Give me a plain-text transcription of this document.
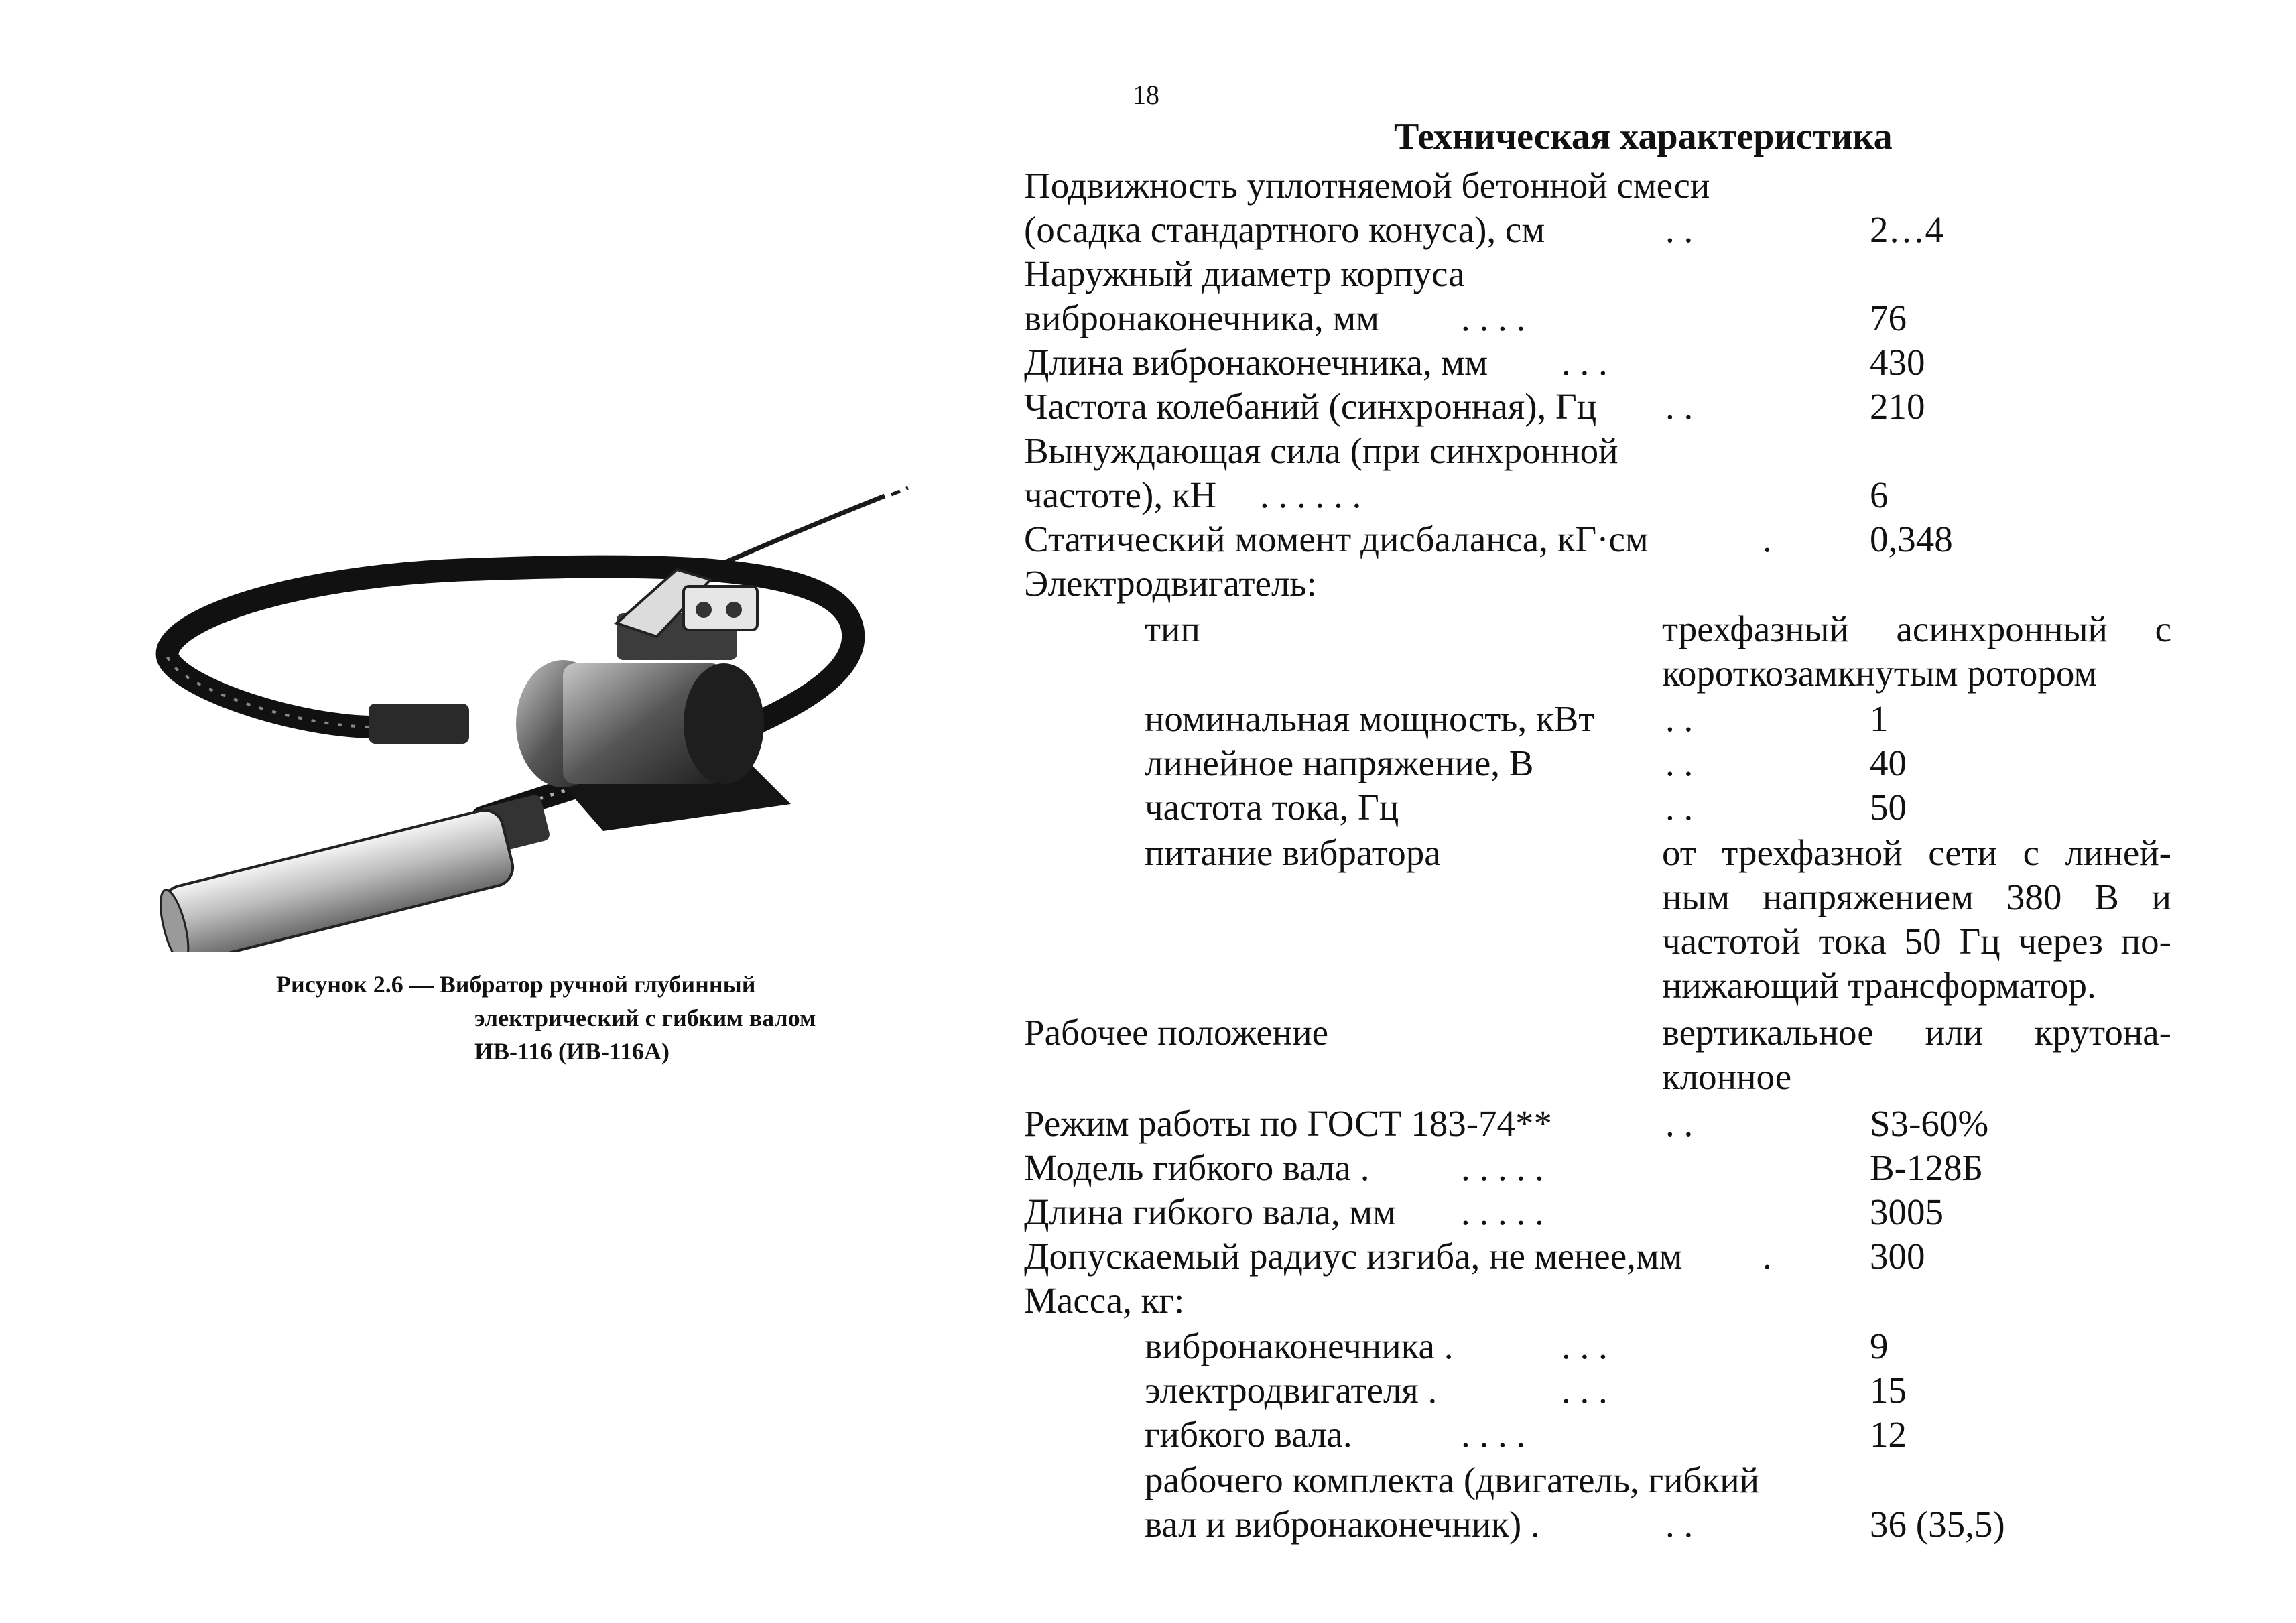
18
Техническая характеристика
Подвижность уплотняемой бетонной смеси
(осадка стандартного конуса), см	. .	2…4
Наружный диаметр корпуса
вибронаконечника, мм . . . .	76
Длина вибронаконечника, мм . . .	430
Частота колебаний (синхронная), Гц . .	210
Вынуждающая сила (при синхронной
частоте), кН . . . . . .	6
Статический момент дисбаланса, кГ·см	.	0,348
Электродвигатель:
тип	трехфазный асинхронный с
короткозамкнутым ротором
номинальная мощность, кВт . .	1
линейное напряжение, В	. .	40
частота тока, Гц	. .	50
питание вибратора	от трехфазной сети с линей-
ным напряжением 380 В и
частотой тока 50 Гц через по-
нижающий трансформатор.
Рабочее положение	вертикальное или крутона-
клонное
Режим работы по ГОСТ 183-74**	. .	S3-60%
Модель гибкого вала . . . . . .	В-128Б
Длина гибкого вала, мм . . . . .	3005
Допускаемый радиус изгиба, не менее,мм .	300
Масса, кг:
вибронаконечника .	. . .	9
электродвигателя .	. . .	15
гибкого вала.	. . . .	12
рабочего комплекта (двигатель, гибкий
вал и вибронаконечник) .	. .	36 (35,5)
Рисунок 2.6 — Вибратор ручной глубинный
электрический с гибким валом
ИВ-116 (ИВ-116А)
